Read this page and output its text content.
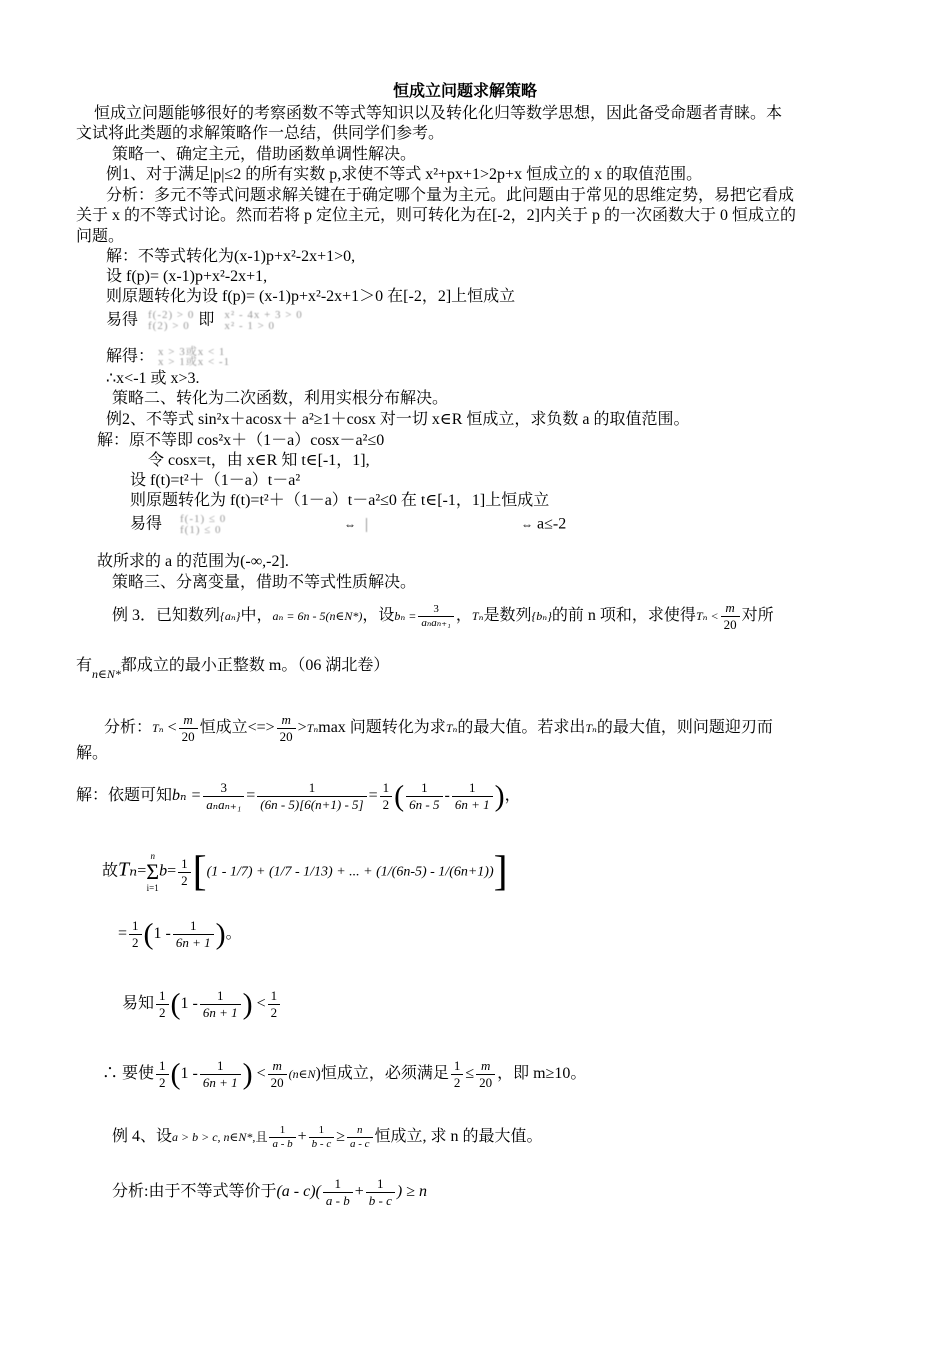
恒成立问题求解策略
恒成立问题能够很好的考察函数不等式等知识以及转化化归等数学思想，因此备受命题者青睐。本
文试将此类题的求解策略作一总结，供同学们参考。
策略一、确定主元，借助函数单调性解决。
例1、对于满足|p|≤2 的所有实数 p,求使不等式 x²+px+1>2p+x 恒成立的 x 的取值范围。
分析：多元不等式问题求解关键在于确定哪个量为主元。此问题由于常见的思维定势，易把它看成
关于 x 的不等式讨论。然而若将 p 定位主元，则可转化为在[-2，2]内关于 p 的一次函数大于 0 恒成立的
问题。
解：不等式转化为(x-1)p+x²-2x+1>0,
设 f(p)= (x-1)p+x²-2x+1,
则原题转化为设 f(p)= (x-1)p+x²-2x+1＞0 在[-2，2]上恒成立
易得 f(-2) > 0
f(2) > 0 即 x² - 4x + 3 > 0
x² - 1 > 0
解得： x > 3或x < 1
x > 1或x < -1
∴x<-1 或 x>3.
策略二、转化为二次函数，利用实根分布解决。
例2、不等式 sin²x＋acosx＋ a²≥1＋cosx 对一切 x∈R 恒成立，求负数 a 的取值范围。
解：原不等即 cos²x＋（1－a）cosx－a²≤0
令 cosx=t，由 x∈R 知 t∈[-1，1],
设 f(t)=t²＋（1－a）t－a²
则原题转化为 f(t)=t²＋（1－a）t－a²≤0 在 t∈[-1，1]上恒成立
易得 f(-1) ≤ 0
f(1) ≤ 0	⇔	⇔ a≤-2
故所求的 a 的范围为(-∞,-2].
策略三、分离变量，借助不等式性质解决。
例 3．已知数列{aₙ}中，aₙ = 6n - 5(n∈N*)，设$b_n = \frac{3}{\text{aₙaₙ₊₁}}$ ，Tₙ是数列{bₙ}的前 n 项和，求使得$T_n < \frac{m}{20}$ 对所
有$_{n\in N*}$都成立的最小正整数 m。（06 湖北卷）
分析：$T_n < \frac{m}{20}$ 恒成立<=> $\frac{m}{20} >T_n\max$ 问题转化为求Tₙ的最大值。若求出Tₙ的最大值，则问题迎刃而
解。
解：依题可知$b_n = \frac{3}{\text{aₙaₙ₊₁}} = \frac{1}{(6n - 5)[6(n+1) - 5]} = \frac{1}{2}$ ( $\frac{1}{6n - 5} - \frac{1}{6n + 1}$ )，
故Tₙ=
n
Σ
i=1
$b= \frac{1}{2} [(1 - 1/7) + (1/7 - 1/13)$ + ... + (1/(6n-5) - 1/(6n+1))]
= $\frac{1}{2} (1 - \frac{1}{6n + 1}$ )。
易知 $\frac{1}{2} (1 - \frac{1}{6n + 1}$ ) < $\frac{1}{2}$
∴ 要使 $\frac{1}{2} (1 - \frac{1}{6n + 1}$ ) < $\frac{m}{20}$ (n∈N)恒成立，必须满足 $\frac{1}{2} \le \frac{m}{20}$ ，即 m≥10。
例 4、设a > b > c, n∈N*,且 $\frac{1}{a - b} + \frac{1}{b - c} \ge \frac{n}{a - c}$ 恒成立, 求 n 的最大值。
分析:由于不等式等价于$(a - c)( \frac{1}{a - b} + \frac{1}{b - c}$ ) ≥ n
